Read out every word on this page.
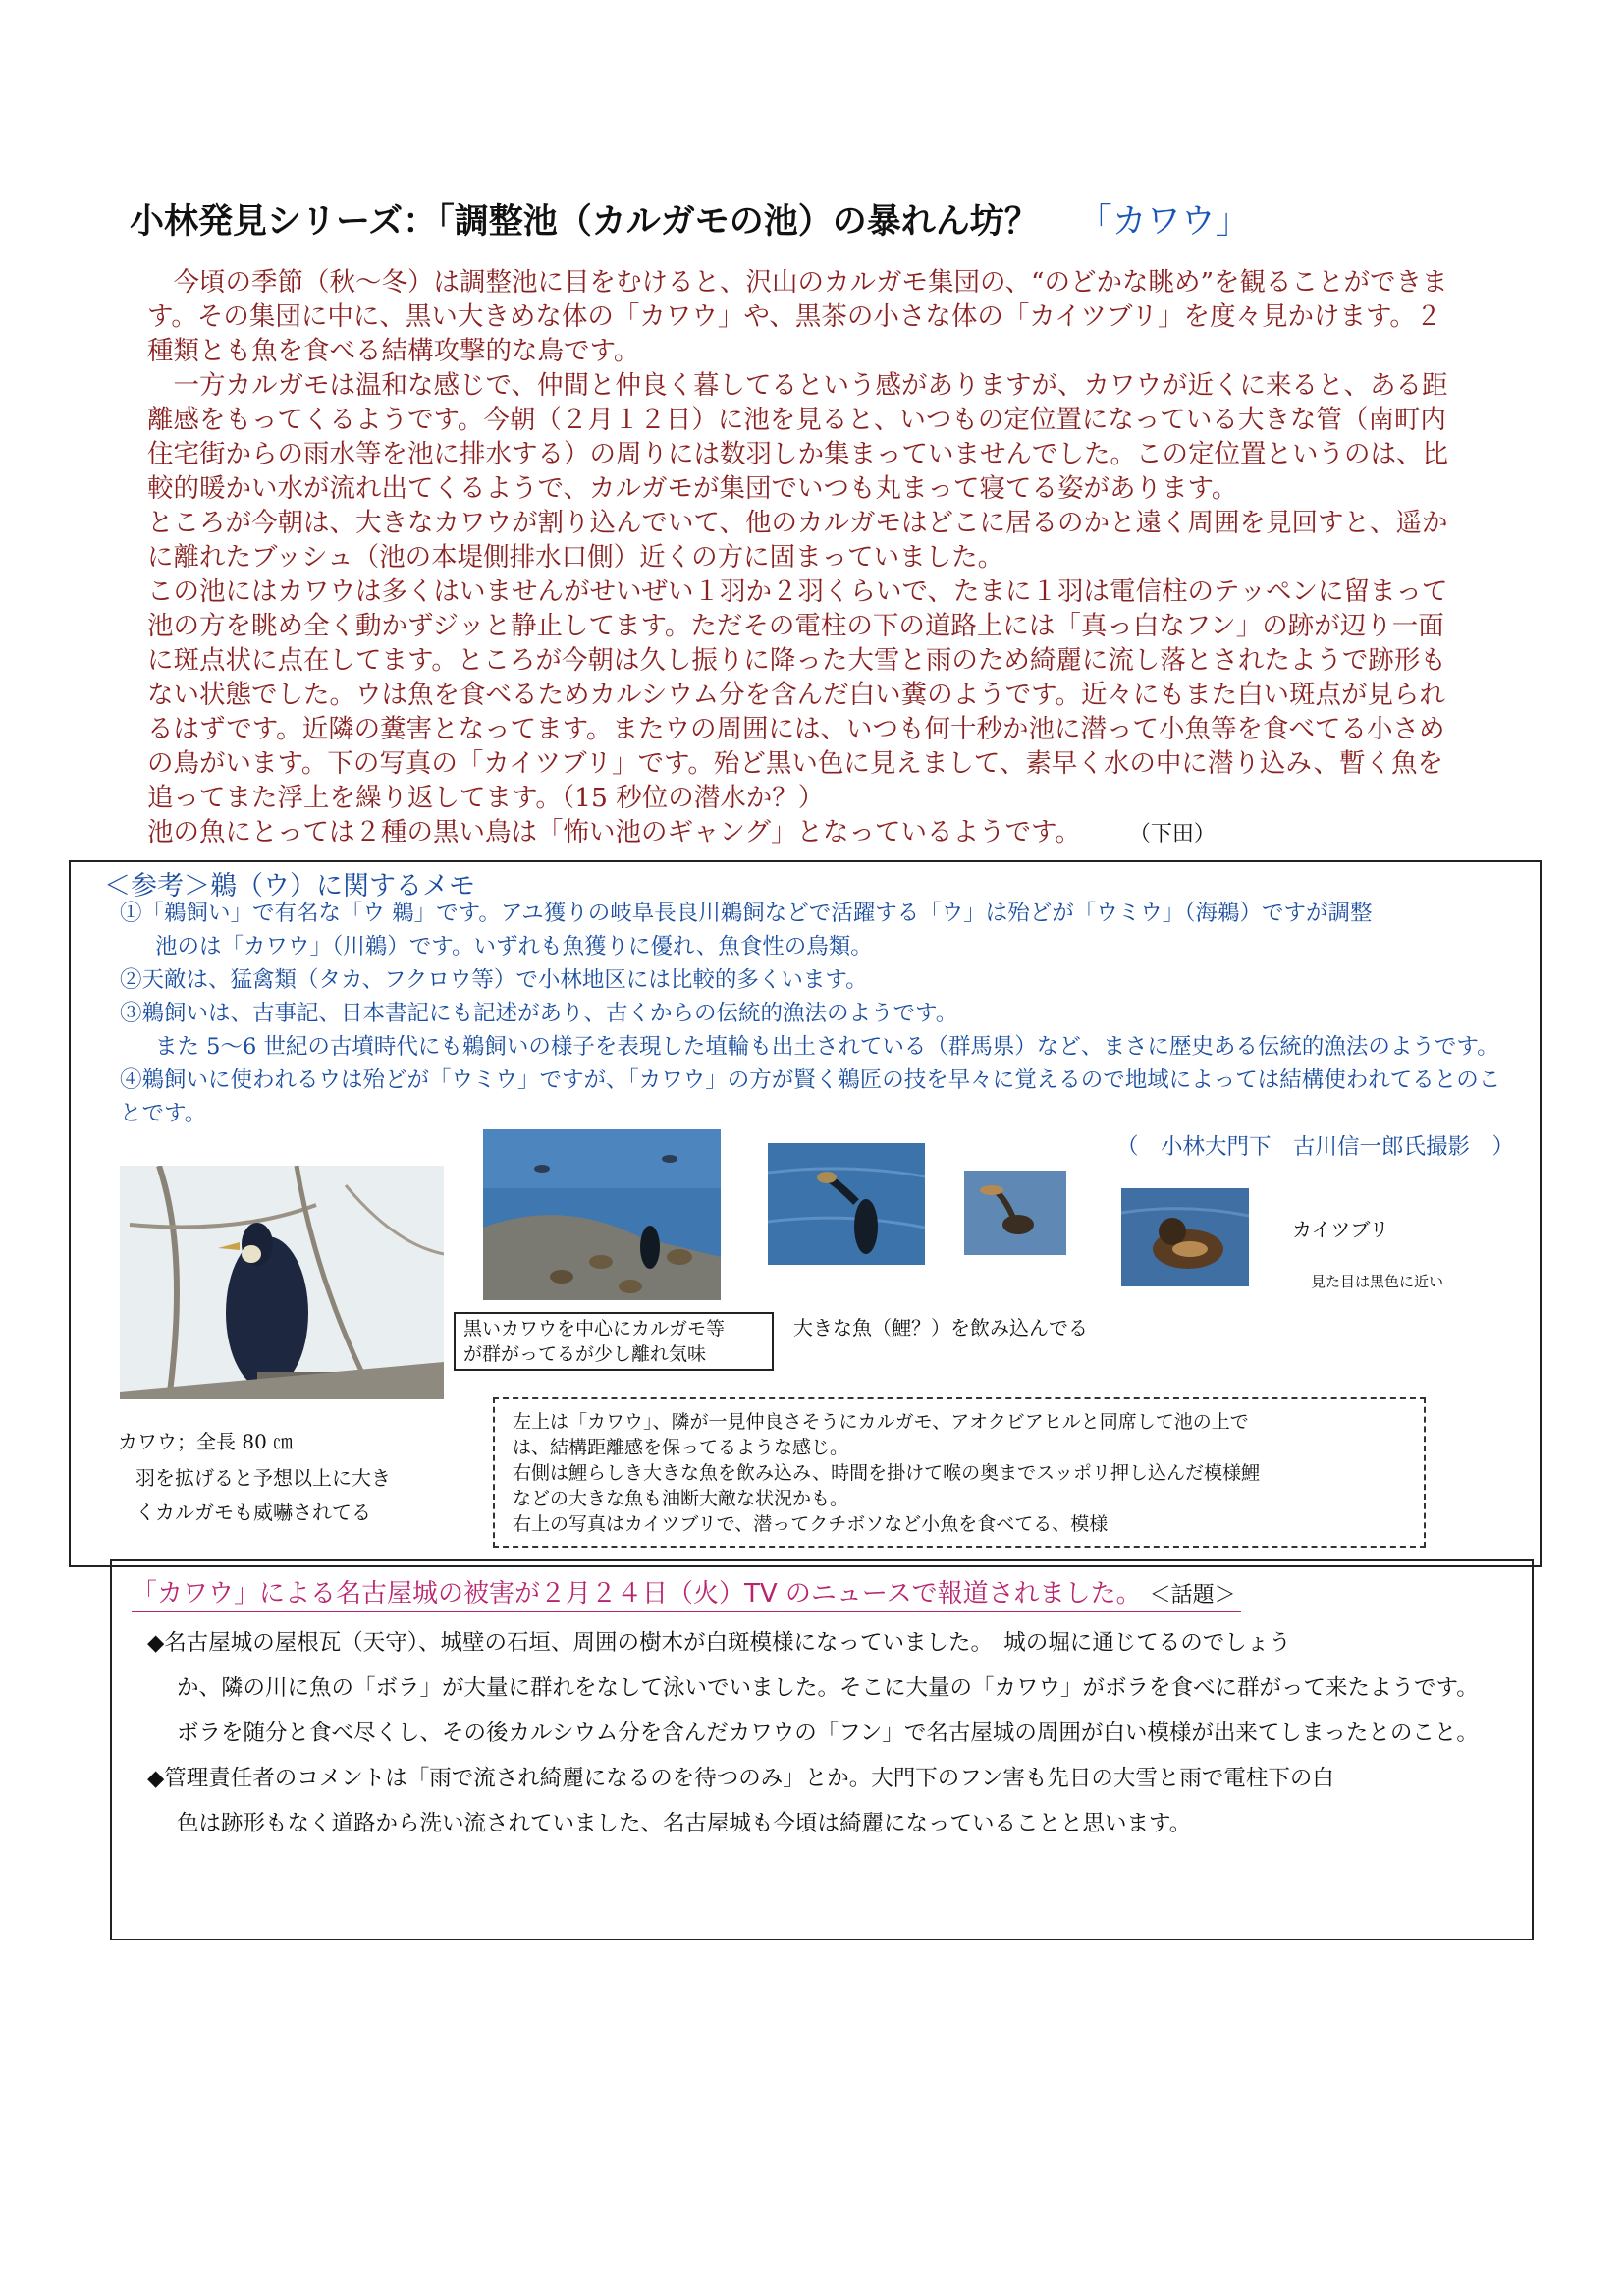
小林発見シリーズ：「調整池（カルガモの池）の暴れん坊？ 「カワウ」

今頃の季節（秋～冬）は調整池に目をむけると、沢山のカルガモ集団の、“のどかな眺め”を観ることができます。その集団に中に、黒い大きめな体の「カワウ」や、黒茶の小さな体の「カイツブリ」を度々見かけます。２種類とも魚を食べる結構攻撃的な鳥です。

一方カルガモは温和な感じで、仲間と仲良く暮してるという感がありますが、カワウが近くに来ると、ある距離感をもってくるようです。今朝（２月１２日）に池を見ると、いつもの定位置になっている大きな管（南町内住宅街からの雨水等を池に排水する）の周りには数羽しか集まっていませんでした。この定位置というのは、比較的暖かい水が流れ出てくるようで、カルガモが集団でいつも丸まって寝てる姿があります。

ところが今朝は、大きなカワウが割り込んでいて、他のカルガモはどこに居るのかと遠く周囲を見回すと、遥かに離れたブッシュ（池の本堤側排水口側）近くの方に固まっていました。

この池にはカワウは多くはいませんがせいぜい１羽か２羽くらいで、たまに１羽は電信柱のテッペンに留まって池の方を眺め全く動かずジッと静止してます。ただその電柱の下の道路上には「真っ白なフン」の跡が辺り一面に斑点状に点在してます。ところが今朝は久し振りに降った大雪と雨のため綺麗に流し落とされたようで跡形もない状態でした。ウは魚を食べるためカルシウム分を含んだ白い糞のようです。近々にもまた白い斑点が見られるはずです。近隣の糞害となってます。またウの周囲には、いつも何十秒か池に潜って小魚等を食べてる小さめの鳥がいます。下の写真の「カイツブリ」です。殆ど黒い色に見えまして、素早く水の中に潜り込み、暫く魚を追ってまた浮上を繰り返してます。（15 秒位の潜水か？）

池の魚にとっては２種の黒い鳥は「怖い池のギャング」となっているようです。	（下田）

＜参考＞鵜（ウ）に関するメモ

①「鵜飼い」で有名な「ウ 鵜」です。アユ獲りの岐阜長良川鵜飼などで活躍する「ウ」は殆どが「ウミウ」（海鵜）ですが調整

池のは「カワウ」（川鵜）です。いずれも魚獲りに優れ、魚食性の鳥類。

②天敵は、猛禽類（タカ、フクロウ等）で小林地区には比較的多くいます。

③鵜飼いは、古事記、日本書記にも記述があり、古くからの伝統的漁法のようです。

また 5～6 世紀の古墳時代にも鵜飼いの様子を表現した埴輪も出土されている（群馬県）など、まさに歴史ある伝統的漁法のようです。

④鵜飼いに使われるウは殆どが「ウミウ」ですが、「カワウ」の方が賢く鵜匠の技を早々に覚えるので地域によっては結構使われてるとのことです。

（　小林大門下　古川信一郎氏撮影　）

カワウ；全長 80 ㎝
羽を拡げると予想以上に大き
くカルガモも威嚇されてる
黒いカワウを中心にカルガモ等
が群がってるが少し離れ気味
大きな魚（鯉？）を飲み込んでる
カイツブリ
見た目は黒色に近い
左上は「カワウ」、隣が一見仲良さそうにカルガモ、アオクビアヒルと同席して池の上で
は、結構距離感を保ってるような感じ。
右側は鯉らしき大きな魚を飲み込み、時間を掛けて喉の奥までスッポリ押し込んだ模様鯉
などの大きな魚も油断大敵な状況かも。
右上の写真はカイツブリで、潜ってクチボソなど小魚を食べてる、模様
「カワウ」による名古屋城の被害が２月２４日（火）TV のニュースで報道されました。 ＜話題＞

◆名古屋城の屋根瓦（天守）、城壁の石垣、周囲の樹木が白斑模様になっていました。　城の堀に通じてるのでしょう

か、隣の川に魚の「ボラ」が大量に群れをなして泳いでいました。そこに大量の「カワウ」がボラを食べに群がって来たようです。　ボラを随分と食べ尽くし、その後カルシウム分を含んだカワウの「フン」で名古屋城の周囲が白い模様が出来てしまったとのこと。

◆管理責任者のコメントは「雨で流され綺麗になるのを待つのみ」とか。大門下のフン害も先日の大雪と雨で電柱下の白

色は跡形もなく道路から洗い流されていました、名古屋城も今頃は綺麗になっていることと思います。
